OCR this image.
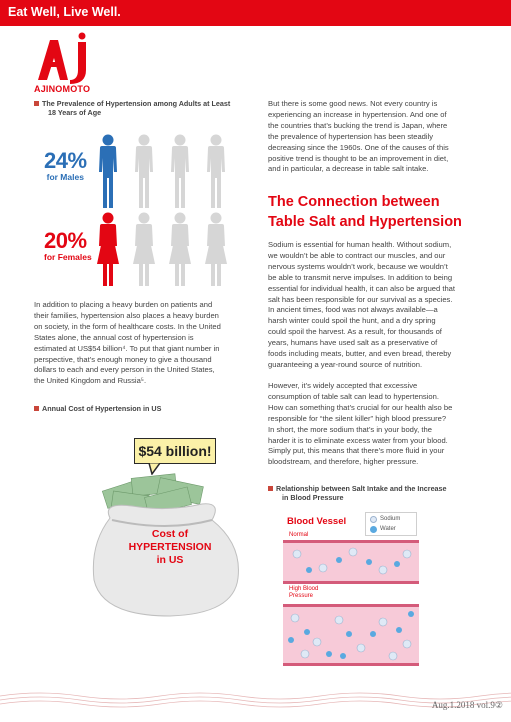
Eat Well, Live Well.
AJINOMOTO
The Prevalence of Hypertension among Adults at Least
18 Years of Age
24%
for Males
20%
for Females
In addition to placing a heavy burden on patients and
their families, hypertension also places a heavy burden
on society, in the form of healthcare costs. In the United
States alone, the annual cost of hypertension is
estimated at US$54 billion⁴. To put that giant number in
perspective, that’s enough money to give a thousand
dollars to each and every person in the United States,
the United Kingdom and Russia⁵.
Annual Cost of Hypertension in US
$54 billion!
Cost of
HYPERTENSION
in US
But there is some good news. Not every country is
experiencing an increase in hypertension. And one of
the countries that’s bucking the trend is Japan, where
the prevalence of hypertension has been steadily
decreasing since the 1960s. One of the causes of this
positive trend is thought to be an improvement in diet,
and in particular, a decrease in table salt intake.
The Connection between
Table Salt and Hypertension
Sodium is essential for human health. Without sodium,
we wouldn’t be able to contract our muscles, and our
nervous systems wouldn’t work, because we wouldn’t
be able to transmit nerve impulses. In addition to being
essential for individual health, it can also be argued that
salt has been responsible for our survival as a species.
In ancient times, food was not always available—a
harsh winter could spoil the hunt, and a dry spring
could spoil the harvest. As a result, for thousands of
years, humans have used salt as a preservative of
foods including meats, butter, and even bread, thereby
guaranteeing a year-round source of nutrition.
However, it’s widely accepted that excessive
consumption of table salt can lead to hypertension.
How can something that’s crucial for our health also be
responsible for “the silent killer” high blood pressure?
In short, the more sodium that’s in your body, the
harder it is to eliminate excess water from your blood.
Simply put, this means that there’s more fluid in your
bloodstream, and therefore, higher pressure.
Relationship between Salt Intake and the Increase
in Blood Pressure
Blood Vessel	Sodium
Water
Normal
High Blood
Pressure
Aug.1.2018 vol.9②
